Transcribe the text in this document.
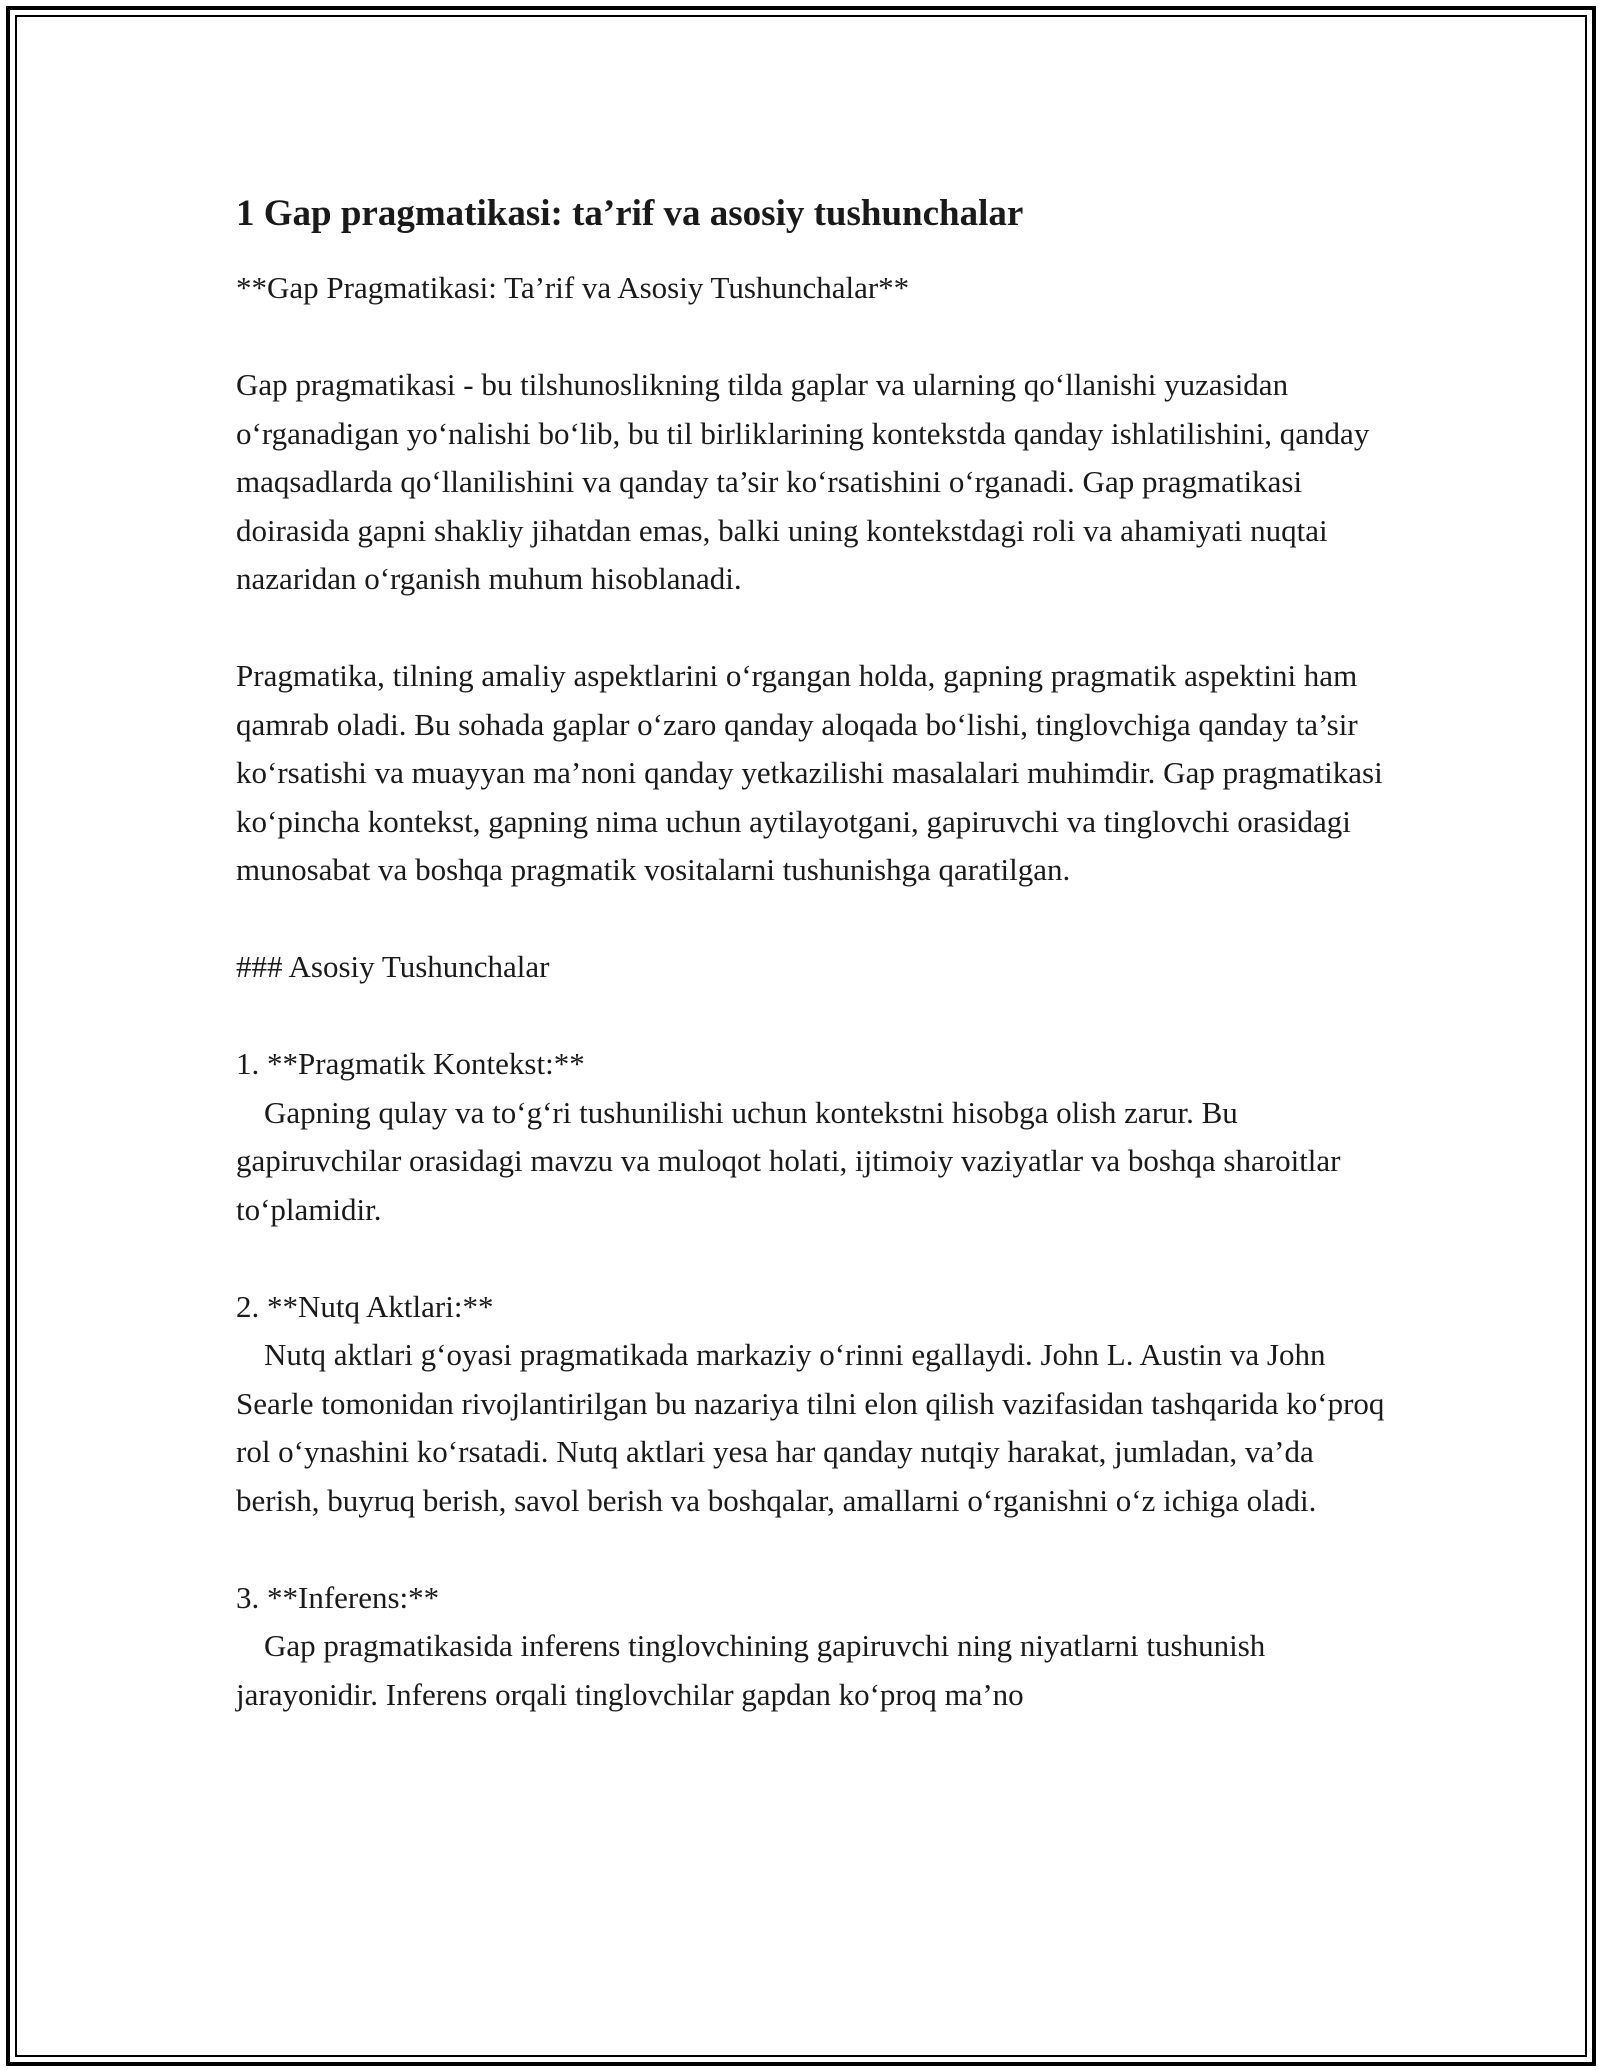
1 Gap pragmatikasi: ta’rif va asosiy tushunchalar

**Gap Pragmatikasi: Ta’rif va Asosiy Tushunchalar**

Gap pragmatikasi - bu tilshunoslikning tilda gaplar va ularning qo‘llanishi yuzasidan o‘rganadigan yo‘nalishi bo‘lib, bu til birliklarining kontekstda qanday ishlatilishini, qanday maqsadlarda qo‘llanilishini va qanday ta’sir ko‘rsatishini o‘rganadi. Gap pragmatikasi doirasida gapni shakliy jihatdan emas, balki uning kontekstdagi roli va ahamiyati nuqtai nazaridan o‘rganish muhum hisoblanadi.

Pragmatika, tilning amaliy aspektlarini o‘rgangan holda, gapning pragmatik aspektini ham qamrab oladi. Bu sohada gaplar o‘zaro qanday aloqada bo‘lishi, tinglovchiga qanday ta’sir ko‘rsatishi va muayyan ma’noni qanday yetkazilishi masalalari muhimdir. Gap pragmatikasi ko‘pincha kontekst, gapning nima uchun aytilayotgani, gapiruvchi va tinglovchi orasidagi munosabat va boshqa pragmatik vositalarni tushunishga qaratilgan.

### Asosiy Tushunchalar

1. **Pragmatik Kontekst:**

Gapning qulay va to‘g‘ri tushunilishi uchun kontekstni hisobga olish zarur. Bu gapiruvchilar orasidagi mavzu va muloqot holati, ijtimoiy vaziyatlar va boshqa sharoitlar to‘plamidir.

2. **Nutq Aktlari:**

Nutq aktlari g‘oyasi pragmatikada markaziy o‘rinni egallaydi. John L. Austin va John Searle tomonidan rivojlantirilgan bu nazariya tilni elon qilish vazifasidan tashqarida ko‘proq rol o‘ynashini ko‘rsatadi. Nutq aktlari yesa har qanday nutqiy harakat, jumladan, va’da berish, buyruq berish, savol berish va boshqalar, amallarni o‘rganishni o‘z ichiga oladi.

3. **Inferens:**

Gap pragmatikasida inferens tinglovchining gapiruvchi ning niyatlarni tushunish jarayonidir. Inferens orqali tinglovchilar gapdan ko‘proq ma’no
